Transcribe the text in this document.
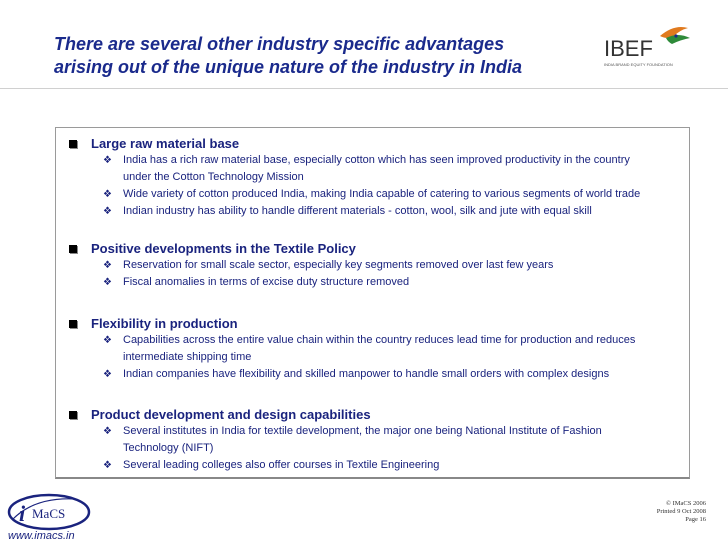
There are several other industry specific advantages
arising out of the unique nature of the industry in India
IBEF
INDIA BRAND EQUITY FOUNDATION
Large raw material base
❖ India has a rich raw material base, especially cotton which has seen improved productivity in the country
under the Cotton Technology Mission
❖ Wide variety of cotton produced India, making India capable of catering to various segments of world trade
❖ Indian industry has ability to handle different materials - cotton, wool, silk and jute with equal skill
Positive developments in the Textile Policy
❖ Reservation for small scale sector, especially key segments removed over last few years
❖ Fiscal anomalies in terms of excise duty structure removed
Flexibility in production
❖ Capabilities across the entire value chain within the country reduces lead time for production and reduces
intermediate shipping time
❖ Indian companies have flexibility and skilled manpower to handle small orders with complex designs
Product development and design capabilities
❖ Several institutes in India for textile development, the major one being National Institute of Fashion
Technology (NIFT)
❖ Several leading colleges also offer courses in Textile Engineering
i MaCS
www.imacs.in
© IMaCS 2006
Printed 9 Oct 2008
Page 16
